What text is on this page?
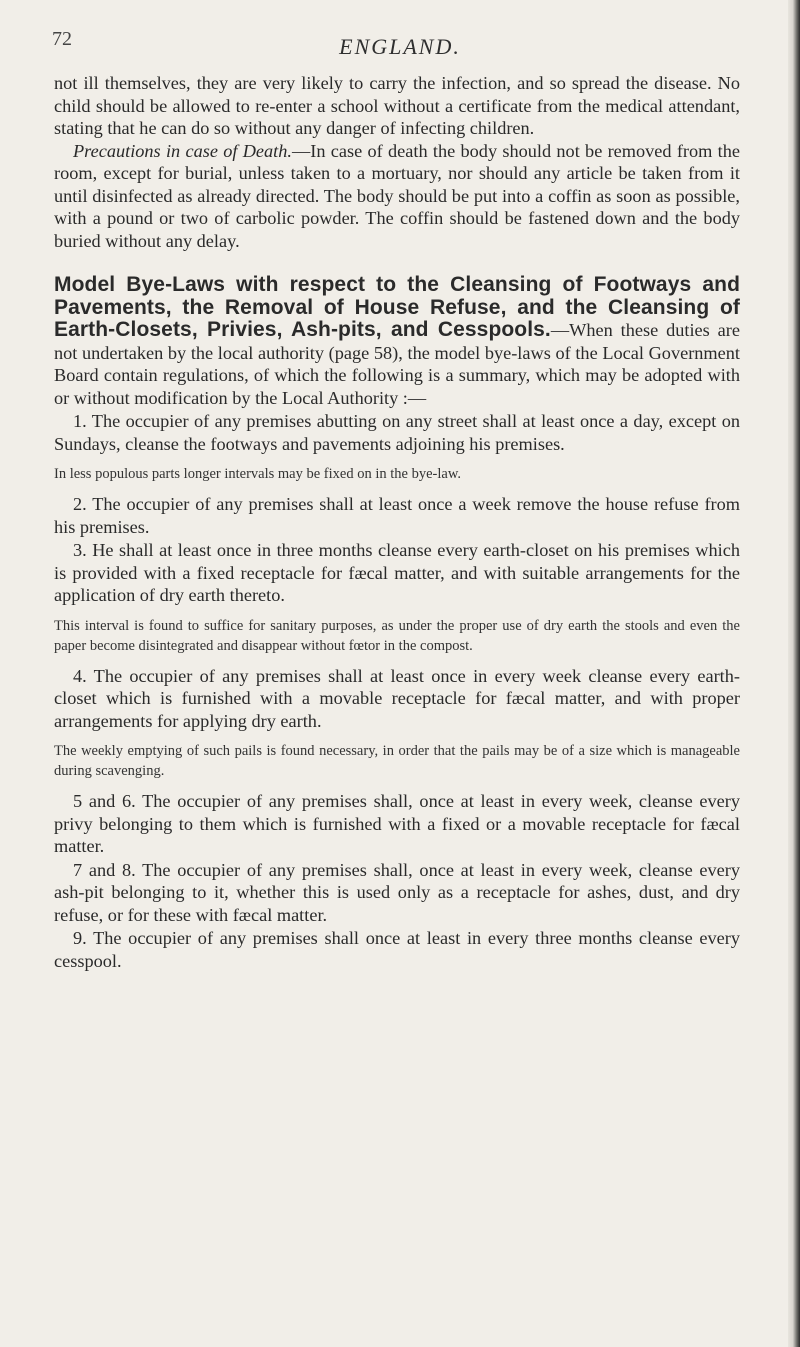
72	ENGLAND.

not ill themselves, they are very likely to carry the infection, and so spread the disease. No child should be allowed to re-enter a school without a certificate from the medical attendant, stating that he can do so without any danger of infecting children.

Precautions in case of Death.—In case of death the body should not be removed from the room, except for burial, unless taken to a mortuary, nor should any article be taken from it until disinfected as already directed. The body should be put into a coffin as soon as possible, with a pound or two of carbolic powder. The coffin should be fastened down and the body buried without any delay.

Model Bye-Laws with respect to the Cleansing of Footways and Pavements, the Removal of House Refuse, and the Cleansing of Earth-Closets, Privies, Ash-pits, and Cesspools.—When these duties are not undertaken by the local authority (page 58), the model bye-laws of the Local Government Board contain regulations, of which the following is a summary, which may be adopted with or without modification by the Local Authority :—

1. The occupier of any premises abutting on any street shall at least once a day, except on Sundays, cleanse the footways and pavements adjoining his premises.

In less populous parts longer intervals may be fixed on in the bye-law.

2. The occupier of any premises shall at least once a week remove the house refuse from his premises.

3. He shall at least once in three months cleanse every earth-closet on his premises which is provided with a fixed receptacle for fæcal matter, and with suitable arrangements for the application of dry earth thereto.

This interval is found to suffice for sanitary purposes, as under the proper use of dry earth the stools and even the paper become disintegrated and disappear without fœtor in the compost.

4. The occupier of any premises shall at least once in every week cleanse every earth-closet which is furnished with a movable receptacle for fæcal matter, and with proper arrangements for applying dry earth.

The weekly emptying of such pails is found necessary, in order that the pails may be of a size which is manageable during scavenging.

5 and 6. The occupier of any premises shall, once at least in every week, cleanse every privy belonging to them which is furnished with a fixed or a movable receptacle for fæcal matter.

7 and 8. The occupier of any premises shall, once at least in every week, cleanse every ash-pit belonging to it, whether this is used only as a receptacle for ashes, dust, and dry refuse, or for these with fæcal matter.

9. The occupier of any premises shall once at least in every three months cleanse every cesspool.
